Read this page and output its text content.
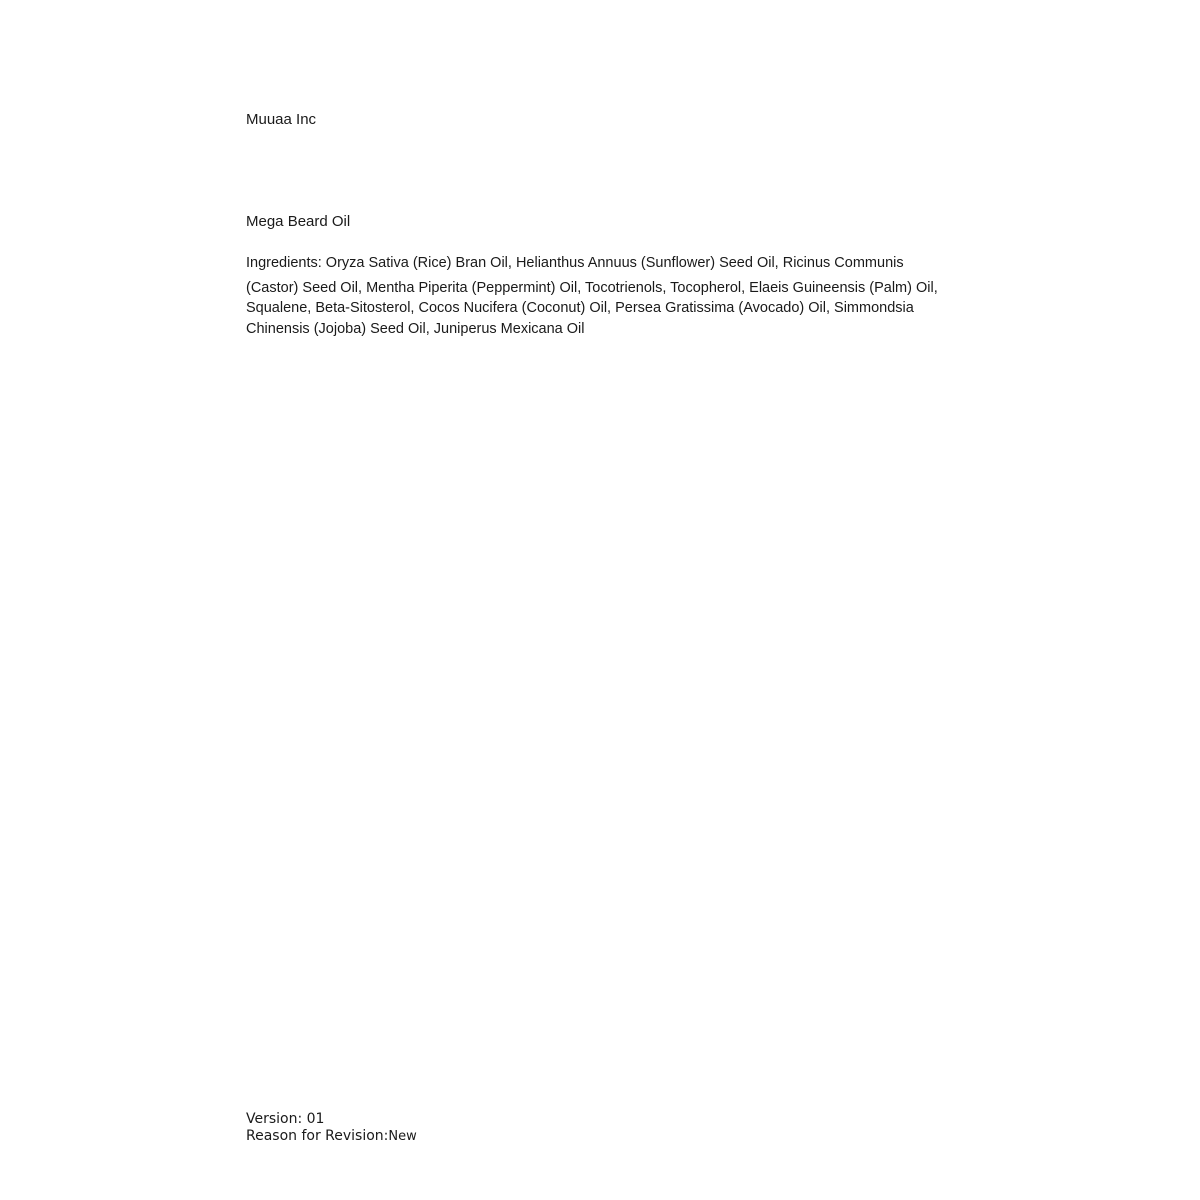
Muuaa Inc
Mega Beard Oil
Ingredients: Oryza Sativa (Rice) Bran Oil, Helianthus Annuus (Sunflower) Seed Oil, Ricinus Communis
(Castor) Seed Oil, Mentha Piperita (Peppermint) Oil, Tocotrienols, Tocopherol, Elaeis Guineensis (Palm) Oil,
Squalene, Beta-Sitosterol, Cocos Nucifera (Coconut) Oil, Persea Gratissima (Avocado) Oil, Simmondsia
Chinensis (Jojoba) Seed Oil, Juniperus Mexicana Oil
Version: 01
Reason for Revision:New
